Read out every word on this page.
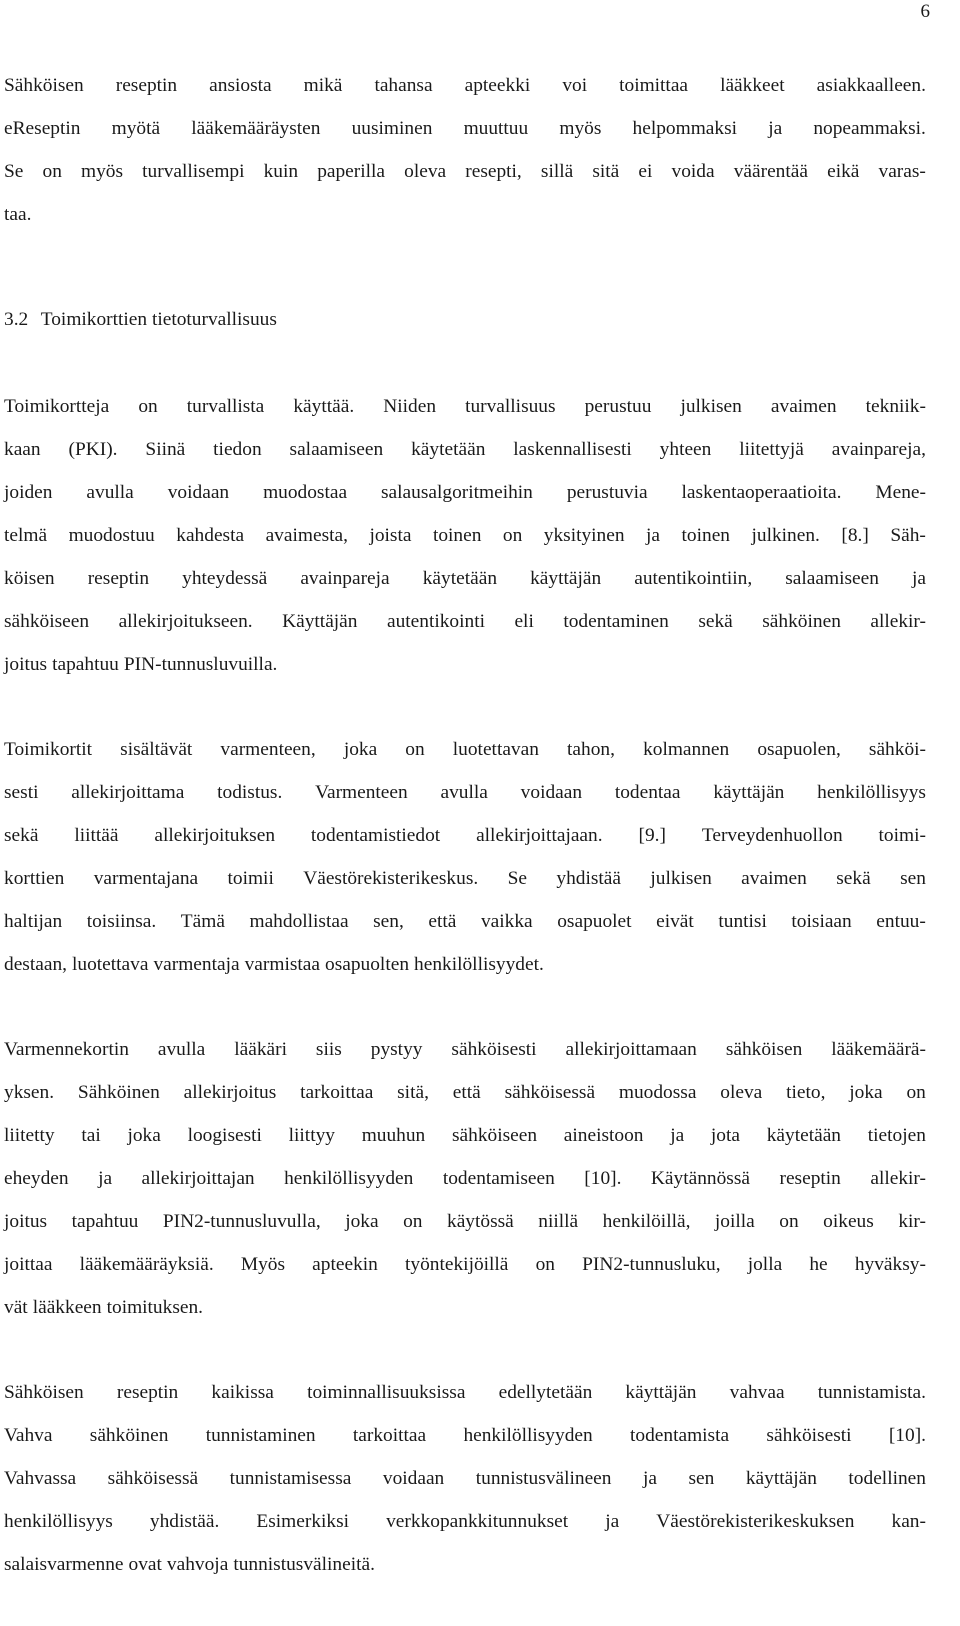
6
Sähköisen reseptin ansiosta mikä tahansa apteekki voi toimittaa lääkkeet asiakkaalleen.
eReseptin myötä lääkemääräysten uusiminen muuttuu myös helpommaksi ja nopeammaksi.
Se on myös turvallisempi kuin paperilla oleva resepti, sillä sitä ei voida väärentää eikä varas-
taa.
3.2 Toimikorttien tietoturvallisuus
Toimikortteja on turvallista käyttää. Niiden turvallisuus perustuu julkisen avaimen tekniik-
kaan (PKI). Siinä tiedon salaamiseen käytetään laskennallisesti yhteen liitettyjä avainpareja,
joiden avulla voidaan muodostaa salausalgoritmeihin perustuvia laskentaoperaatioita. Mene-
telmä muodostuu kahdesta avaimesta, joista toinen on yksityinen ja toinen julkinen. [8.] Säh-
köisen reseptin yhteydessä avainpareja käytetään käyttäjän autentikointiin, salaamiseen ja
sähköiseen allekirjoitukseen. Käyttäjän autentikointi eli todentaminen sekä sähköinen allekir-
joitus tapahtuu PIN-tunnusluvuilla.
Toimikortit sisältävät varmenteen, joka on luotettavan tahon, kolmannen osapuolen, sähköi-
sesti allekirjoittama todistus. Varmenteen avulla voidaan todentaa käyttäjän henkilöllisyys
sekä liittää allekirjoituksen todentamistiedot allekirjoittajaan. [9.] Terveydenhuollon toimi-
korttien varmentajana toimii Väestörekisterikeskus. Se yhdistää julkisen avaimen sekä sen
haltijan toisiinsa. Tämä mahdollistaa sen, että vaikka osapuolet eivät tuntisi toisiaan entuu-
destaan, luotettava varmentaja varmistaa osapuolten henkilöllisyydet.
Varmennekortin avulla lääkäri siis pystyy sähköisesti allekirjoittamaan sähköisen lääkemäärä-
yksen. Sähköinen allekirjoitus tarkoittaa sitä, että sähköisessä muodossa oleva tieto, joka on
liitetty tai joka loogisesti liittyy muuhun sähköiseen aineistoon ja jota käytetään tietojen
eheyden ja allekirjoittajan henkilöllisyyden todentamiseen [10]. Käytännössä reseptin allekir-
joitus tapahtuu PIN2-tunnusluvulla, joka on käytössä niillä henkilöillä, joilla on oikeus kir-
joittaa lääkemääräyksiä. Myös apteekin työntekijöillä on PIN2-tunnusluku, jolla he hyväksy-
vät lääkkeen toimituksen.
Sähköisen reseptin kaikissa toiminnallisuuksissa edellytetään käyttäjän vahvaa tunnistamista.
Vahva sähköinen tunnistaminen tarkoittaa henkilöllisyyden todentamista sähköisesti [10].
Vahvassa sähköisessä tunnistamisessa voidaan tunnistusvälineen ja sen käyttäjän todellinen
henkilöllisyys yhdistää. Esimerkiksi verkkopankkitunnukset ja Väestörekisterikeskuksen kan-
salaisvarmenne ovat vahvoja tunnistusvälineitä.
